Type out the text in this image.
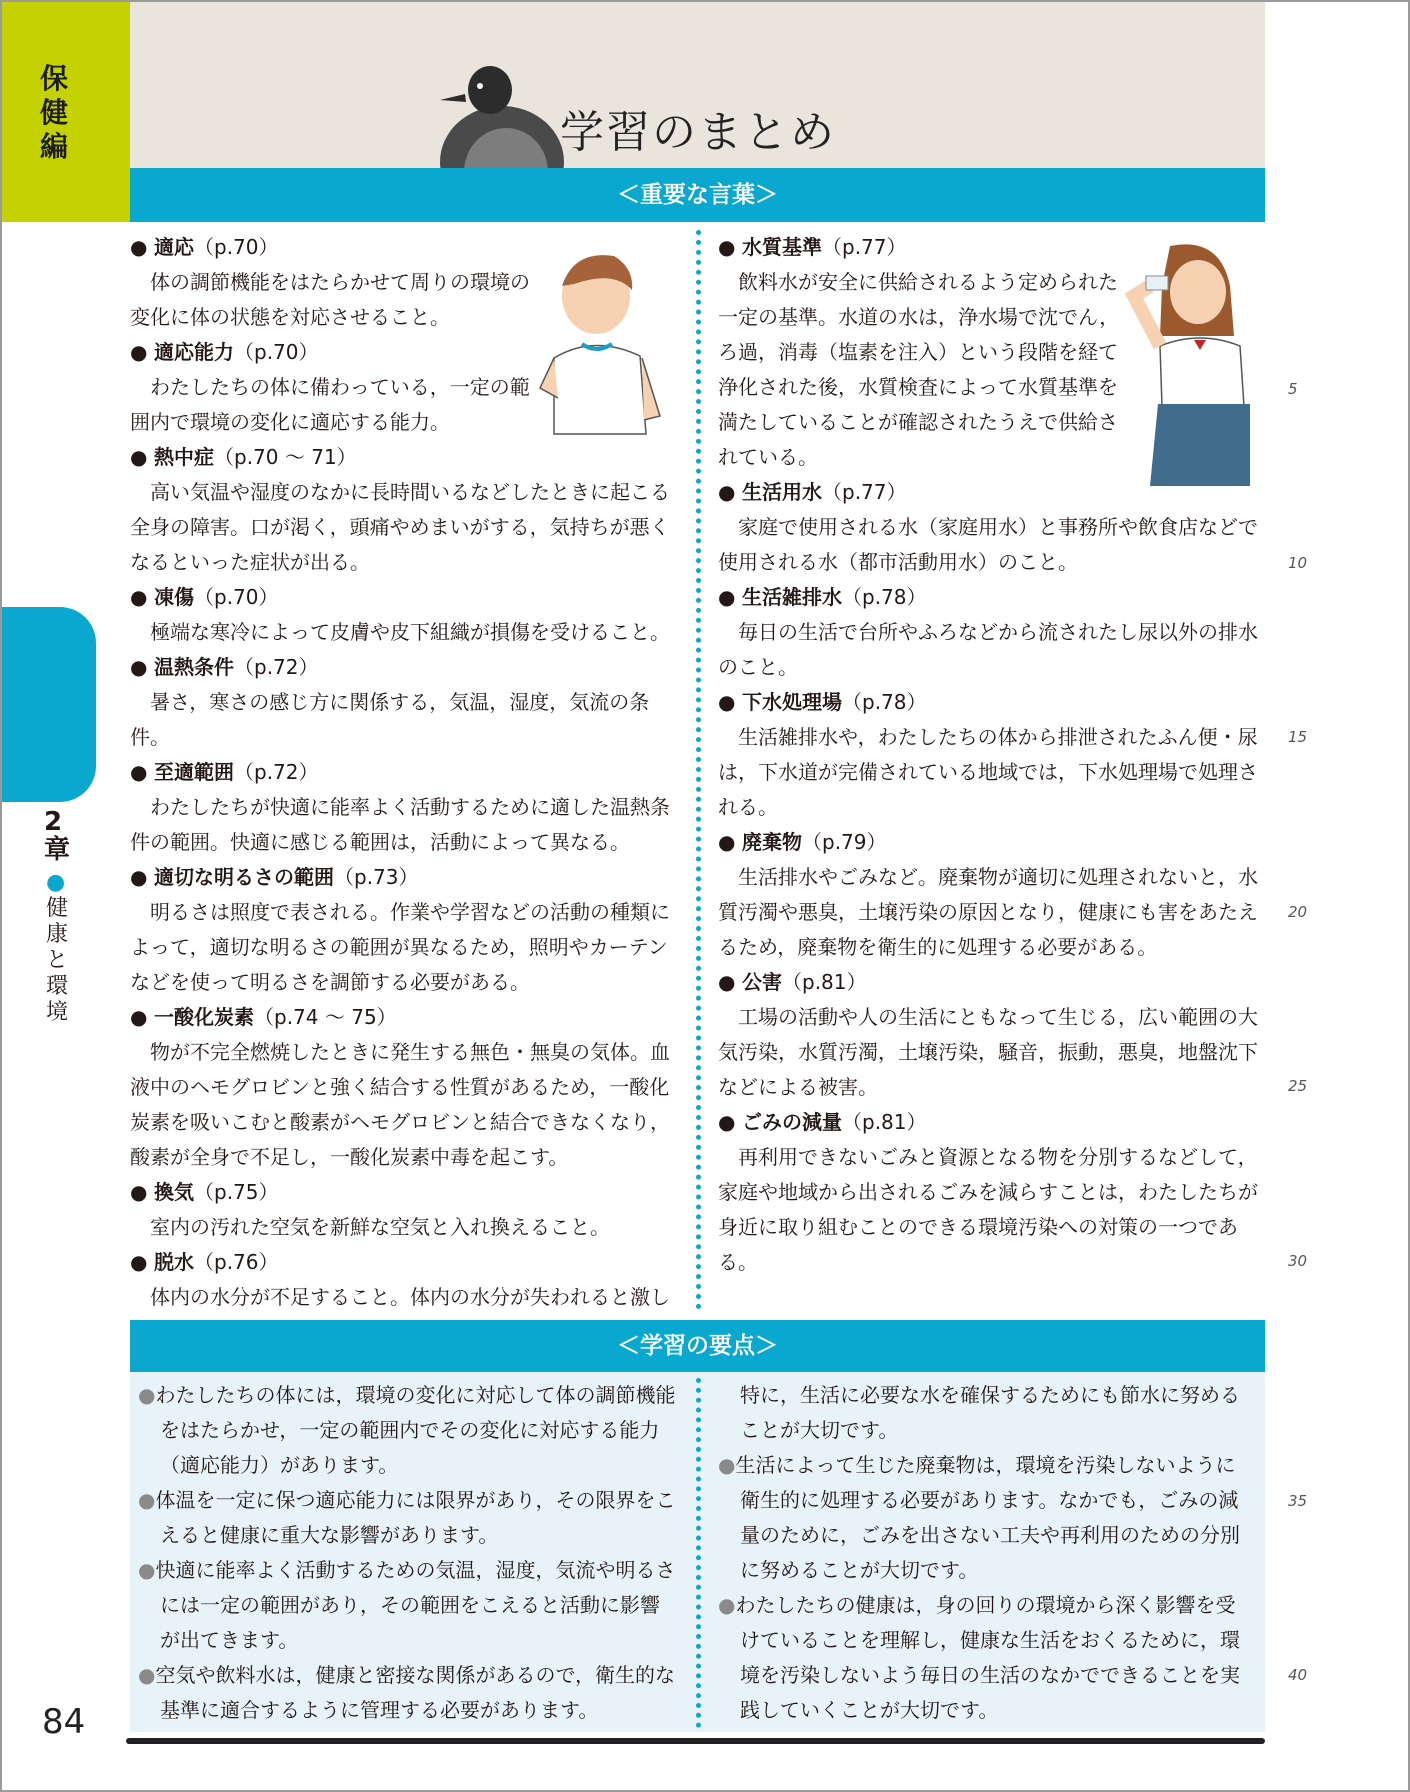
保健編	学習のまとめ
＜重要な言葉＞

● 適応（p.70）

体の調節機能をはたらかせて周りの環境の変化に体の状態を対応させること。

● 適応能力（p.70）

わたしたちの体に備わっている，一定の範囲内で環境の変化に適応する能力。

● 熱中症（p.70 ～ 71）

高い気温や湿度のなかに長時間いるなどしたときに起こる全身の障害。口が渇く，頭痛やめまいがする，気持ちが悪くなるといった症状が出る。

● 凍傷（p.70）

極端な寒冷によって皮膚や皮下組織が損傷を受けること。

● 温熱条件（p.72）

暑さ，寒さの感じ方に関係する，気温，湿度，気流の条件。

● 至適範囲（p.72）

わたしたちが快適に能率よく活動するために適した温熱条件の範囲。快適に感じる範囲は，活動によって異なる。

● 適切な明るさの範囲（p.73）

明るさは照度で表される。作業や学習などの活動の種類によって，適切な明るさの範囲が異なるため，照明やカーテンなどを使って明るさを調節する必要がある。

● 一酸化炭素（p.74 ～ 75）

物が不完全燃焼したときに発生する無色・無臭の気体。血液中のヘモグロビンと強く結合する性質があるため，一酸化炭素を吸いこむと酸素がヘモグロビンと結合できなくなり，酸素が全身で不足し，一酸化炭素中毒を起こす。

● 換気（p.75）

室内の汚れた空気を新鮮な空気と入れ換えること。

● 脱水（p.76）

体内の水分が不足すること。体内の水分が失われると激し

● 水質基準（p.77）

飲料水が安全に供給されるよう定められた一定の基準。水道の水は，浄水場で沈でん，ろ過，消毒（塩素を注入）という段階を経て浄化された後，水質検査によって水質基準を満たしていることが確認されたうえで供給されている。

● 生活用水（p.77）

家庭で使用される水（家庭用水）と事務所や飲食店などで使用される水（都市活動用水）のこと。

● 生活雑排水（p.78）

毎日の生活で台所やふろなどから流されたし尿以外の排水のこと。

● 下水処理場（p.78）

生活雑排水や，わたしたちの体から排泄されたふん便・尿は，下水道が完備されている地域では，下水処理場で処理される。

● 廃棄物（p.79）

生活排水やごみなど。廃棄物が適切に処理されないと，水質汚濁や悪臭，土壌汚染の原因となり，健康にも害をあたえるため，廃棄物を衛生的に処理する必要がある。

● 公害（p.81）

工場の活動や人の生活にともなって生じる，広い範囲の大気汚染，水質汚濁，土壌汚染，騒音，振動，悪臭，地盤沈下などによる被害。

● ごみの減量（p.81）

再利用できないごみと資源となる物を分別するなどして，家庭や地域から出されるごみを減らすことは，わたしたちが身近に取り組むことのできる環境汚染への対策の一つである。

＜学習の要点＞

●わたしたちの体には，環境の変化に対応して体の調節機能をはたらかせ，一定の範囲内でその変化に対応する能力（適応能力）があります。

●体温を一定に保つ適応能力には限界があり，その限界をこえると健康に重大な影響があります。

●快適に能率よく活動するための気温，湿度，気流や明るさには一定の範囲があり，その範囲をこえると活動に影響が出てきます。

●空気や飲料水は，健康と密接な関係があるので，衛生的な基準に適合するように管理する必要があります。

特に，生活に必要な水を確保するためにも節水に努めることが大切です。

●生活によって生じた廃棄物は，環境を汚染しないように衛生的に処理する必要があります。なかでも，ごみの減量のために，ごみを出さない工夫や再利用のための分別に努めることが大切です。

●わたしたちの健康は，身の回りの環境から深く影響を受けていることを理解し，健康な生活をおくるために，環境を汚染しないよう毎日の生活のなかでできることを実践していくことが大切です。

2章
●健康と環境
84
5
10
15
20
25
30
35
40
